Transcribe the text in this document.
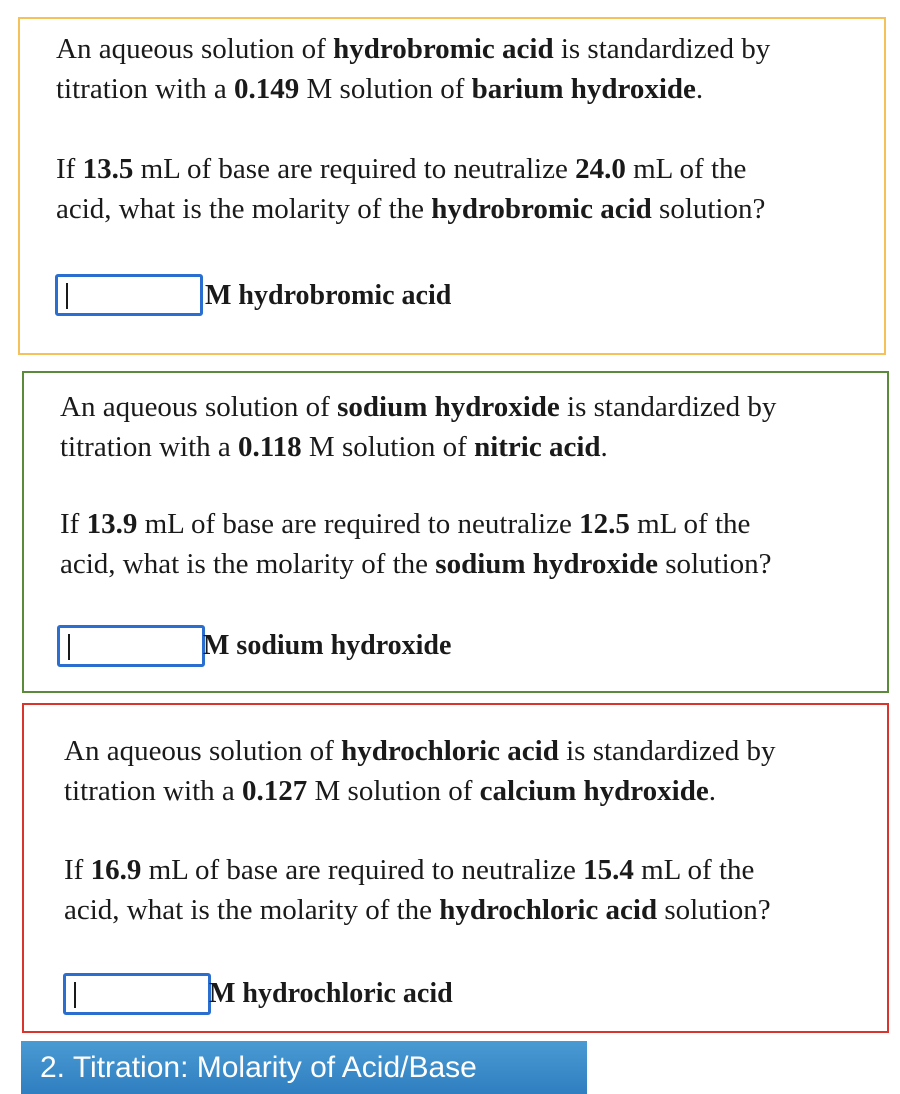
An aqueous solution of hydrobromic acid is standardized by
titration with a 0.149 M solution of barium hydroxide.

If 13.5 mL of base are required to neutralize 24.0 mL of the
acid, what is the molarity of the hydrobromic acid solution?

M hydrobromic acid

An aqueous solution of sodium hydroxide is standardized by
titration with a 0.118 M solution of nitric acid.

If 13.9 mL of base are required to neutralize 12.5 mL of the
acid, what is the molarity of the sodium hydroxide solution?

M sodium hydroxide

An aqueous solution of hydrochloric acid is standardized by
titration with a 0.127 M solution of calcium hydroxide.

If 16.9 mL of base are required to neutralize 15.4 mL of the
acid, what is the molarity of the hydrochloric acid solution?

M hydrochloric acid
2. Titration: Molarity of Acid/Base
